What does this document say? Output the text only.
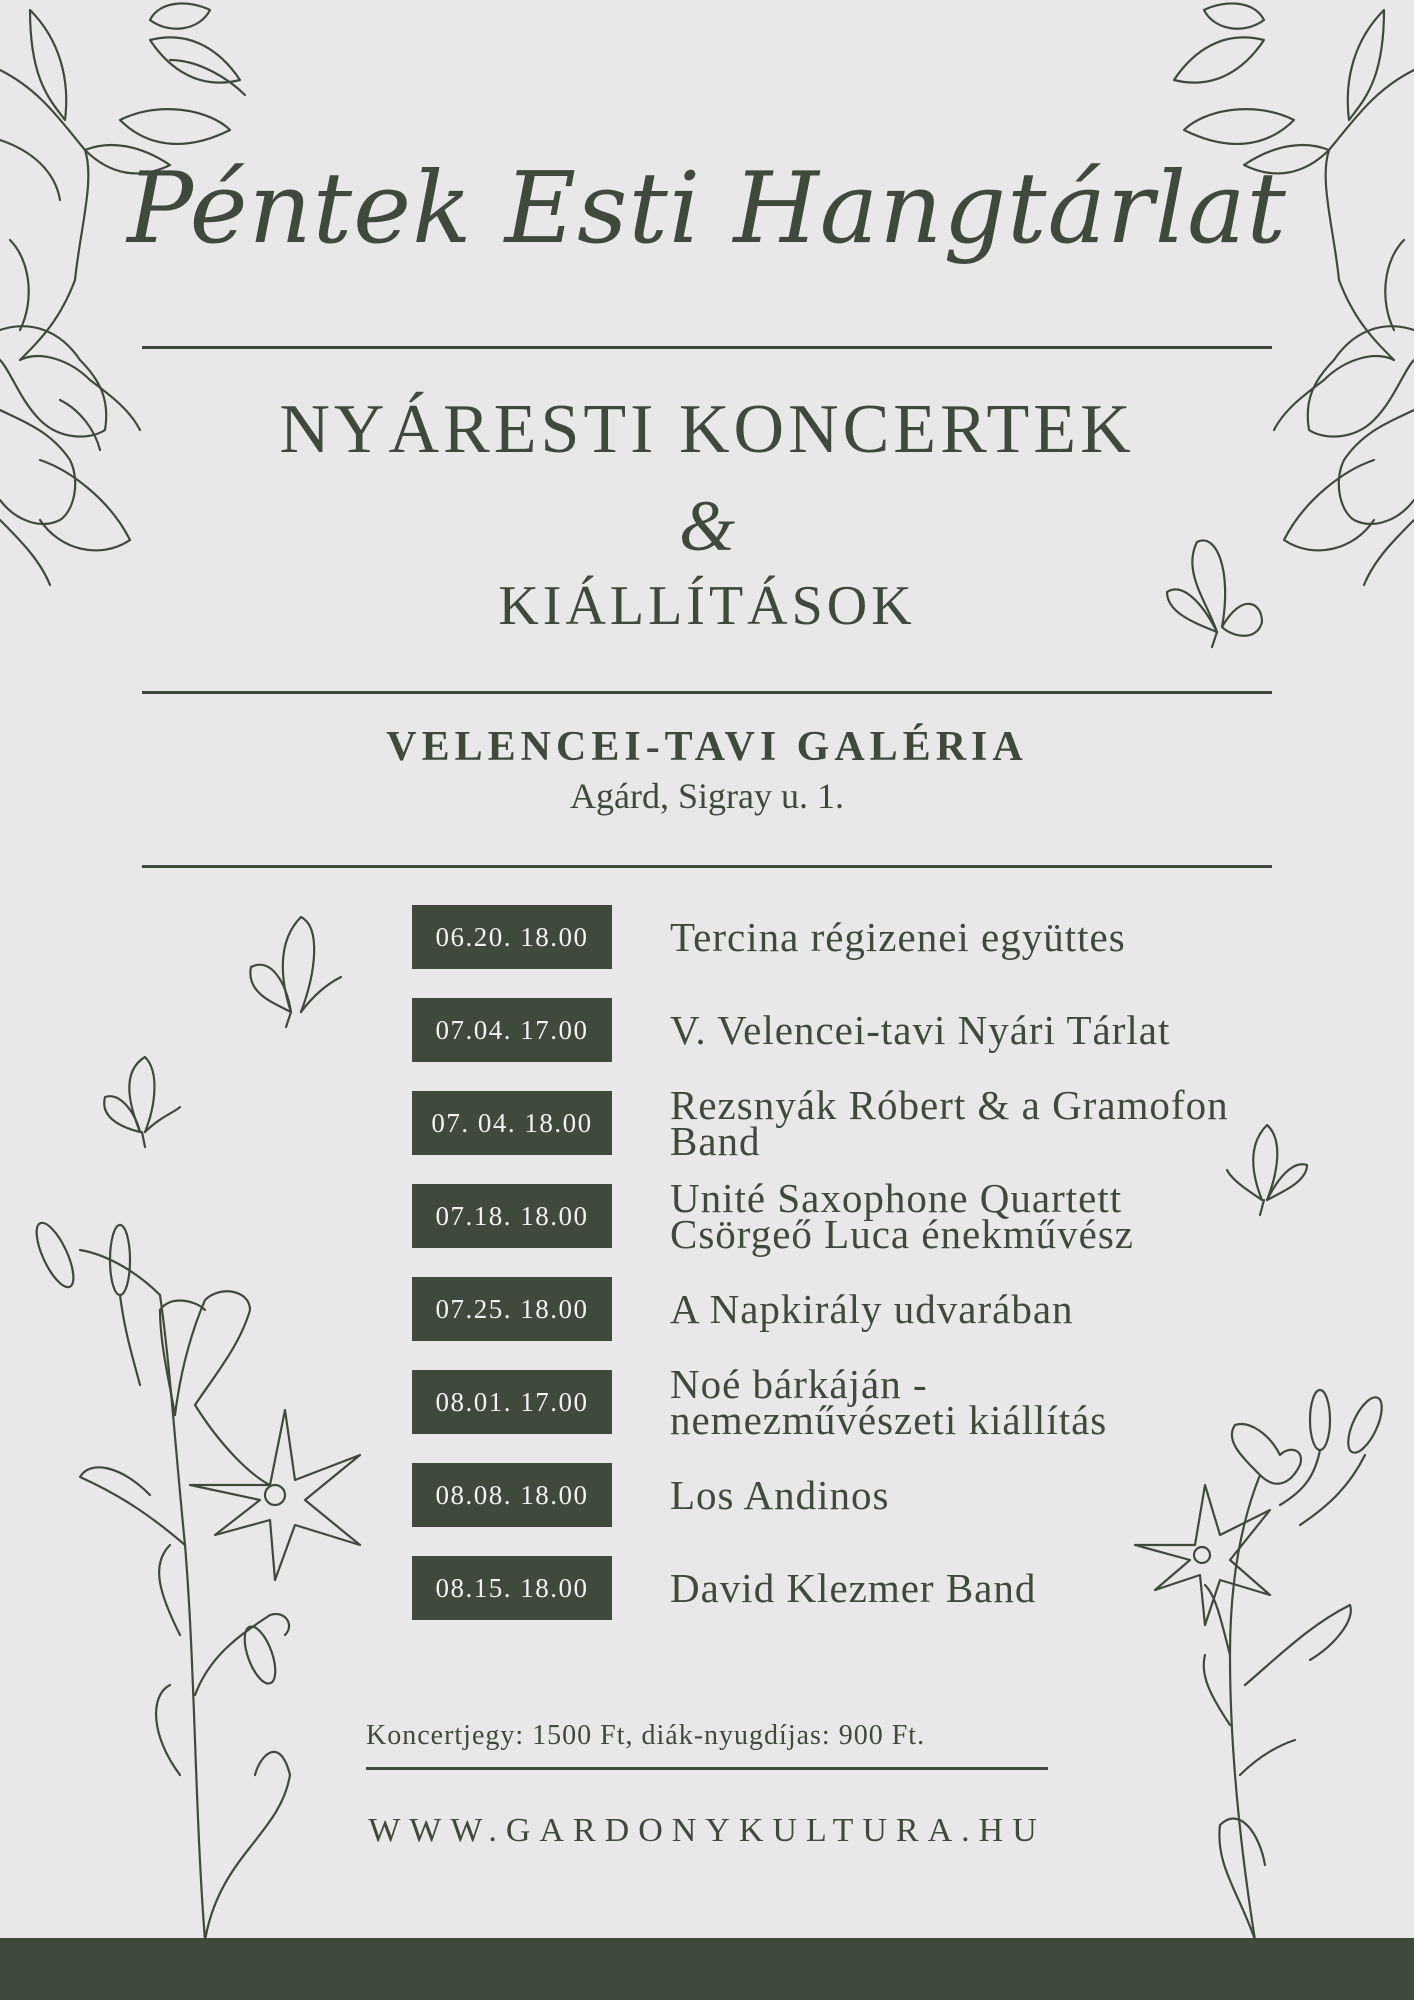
Péntek Esti Hangtárlat
NYÁRESTI KONCERTEK
&
KIÁLLÍTÁSOK
VELENCEI-TAVI GALÉRIA
Agárd, Sigray u. 1.
06.20. 18.00	Tercina régizenei együttes
07.04. 17.00	V. Velencei-tavi Nyári Tárlat
07. 04. 18.00	Rezsnyák Róbert & a Gramofon
Band
07.18. 18.00	Unité Saxophone Quartett
Csörgeő Luca énekművész
07.25. 18.00	A Napkirály udvarában
08.01. 17.00	Noé bárkáján -
nemezművészeti kiállítás
08.08. 18.00	Los Andinos
08.15. 18.00	David Klezmer Band
Koncertjegy: 1500 Ft, diák-nyugdíjas: 900 Ft.
WWW.GARDONYKULTURA.HU
